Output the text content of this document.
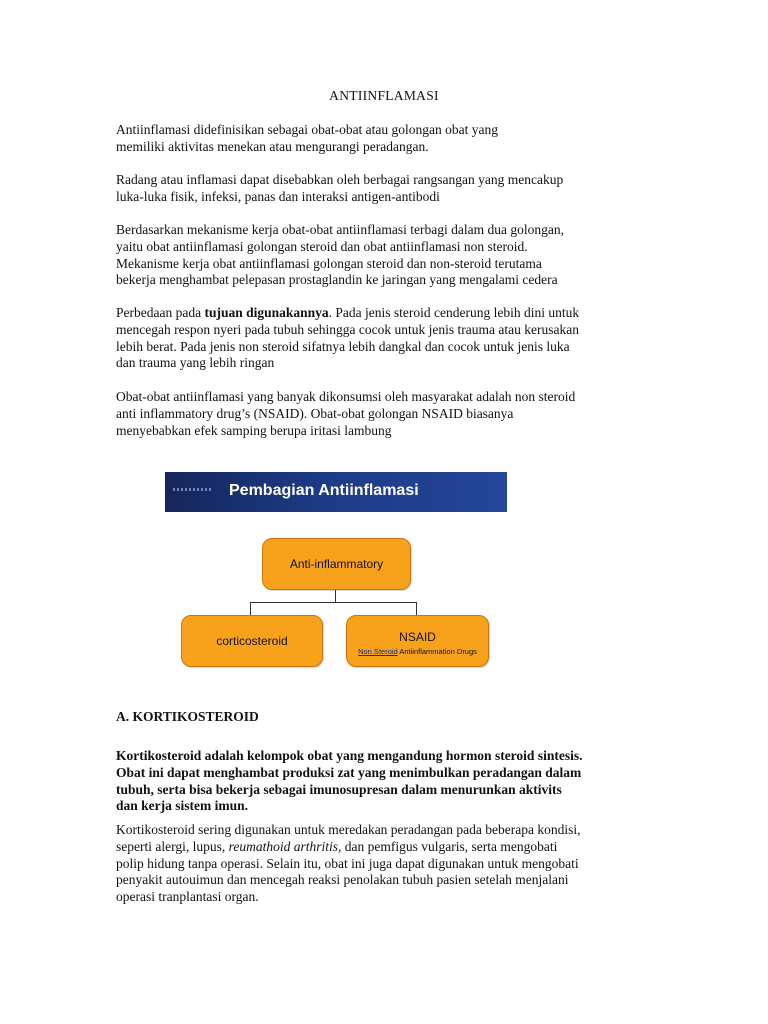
ANTIINFLAMASI

Antiinflamasi didefinisikan sebagai obat-obat atau golongan obat yang
memiliki aktivitas menekan atau mengurangi peradangan.

Radang atau inflamasi dapat disebabkan oleh berbagai rangsangan yang mencakup
luka-luka fisik, infeksi, panas dan interaksi antigen-antibodi

Berdasarkan mekanisme kerja obat-obat antiinflamasi terbagi dalam dua golongan,
yaitu obat antiinflamasi golongan steroid dan obat antiinflamasi non steroid.
Mekanisme kerja obat antiinflamasi golongan steroid dan non-steroid terutama
bekerja menghambat pelepasan prostaglandin ke jaringan yang mengalami cedera

Perbedaan pada tujuan digunakannya. Pada jenis steroid cenderung lebih dini untuk
mencegah respon nyeri pada tubuh sehingga cocok untuk jenis trauma atau kerusakan
lebih berat. Pada jenis non steroid sifatnya lebih dangkal dan cocok untuk jenis luka
dan trauma yang lebih ringan

Obat-obat antiinflamasi yang banyak dikonsumsi oleh masyarakat adalah non steroid
anti inflammatory drug’s (NSAID). Obat-obat golongan NSAID biasanya
menyebabkan efek samping berupa iritasi lambung

Pembagian Antiinflamasi
Anti-inflammatory
corticosteroid	NSAID
Non Steroid Antiinflammation Drugs
A. KORTIKOSTEROID

Kortikosteroid adalah kelompok obat yang mengandung hormon steroid sintesis.
Obat ini dapat menghambat produksi zat yang menimbulkan peradangan dalam
tubuh, serta bisa bekerja sebagai imunosupresan dalam menurunkan aktivits
dan kerja sistem imun.

Kortikosteroid sering digunakan untuk meredakan peradangan pada beberapa kondisi,
seperti alergi, lupus, reumathoid arthritis, dan pemfigus vulgaris, serta mengobati
polip hidung tanpa operasi. Selain itu, obat ini juga dapat digunakan untuk mengobati
penyakit autouimun dan mencegah reaksi penolakan tubuh pasien setelah menjalani
operasi tranplantasi organ.
